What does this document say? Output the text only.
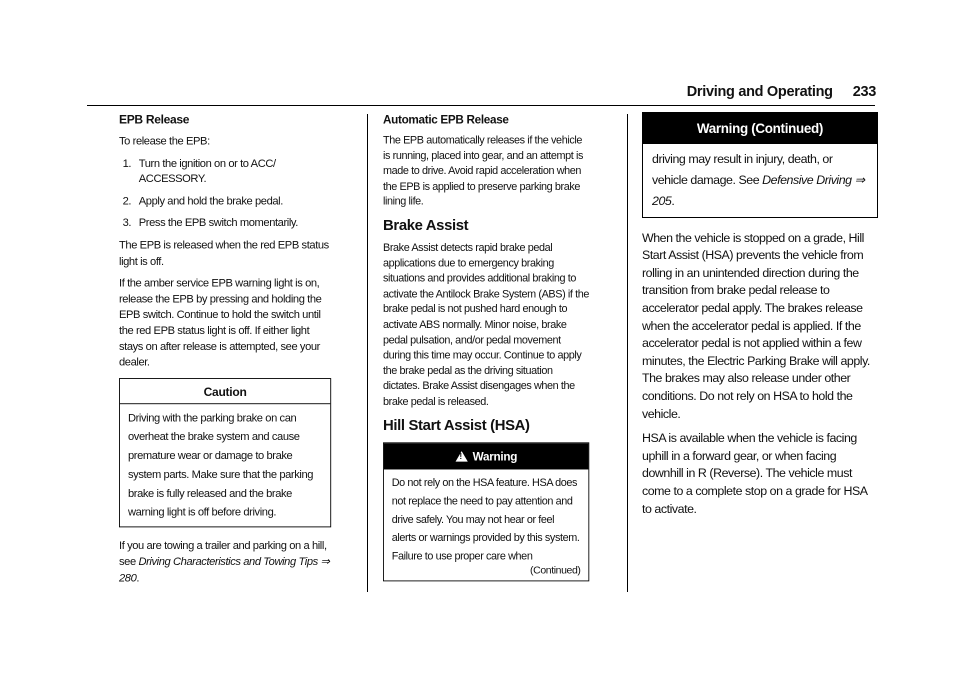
Driving and Operating 233
EPB Release

To release the EPB:

1. Turn the ignition on or to ACC/ ACCESSORY.
2. Apply and hold the brake pedal.
3. Press the EPB switch momentarily.

The EPB is released when the red EPB status light is off.

If the amber service EPB warning light is on, release the EPB by pressing and holding the EPB switch. Continue to hold the switch until the red EPB status light is off. If either light stays on after release is attempted, see your dealer.

Caution

Driving with the parking brake on can overheat the brake system and cause premature wear or damage to brake system parts. Make sure that the parking brake is fully released and the brake warning light is off before driving.

If you are towing a trailer and parking on a hill, see Driving Characteristics and Towing Tips ⇒ 280.

Automatic EPB Release

The EPB automatically releases if the vehicle is running, placed into gear, and an attempt is made to drive. Avoid rapid acceleration when the EPB is applied to preserve parking brake lining life.

Brake Assist

Brake Assist detects rapid brake pedal applications due to emergency braking situations and provides additional braking to activate the Antilock Brake System (ABS) if the brake pedal is not pushed hard enough to activate ABS normally. Minor noise, brake pedal pulsation, and/or pedal movement during this time may occur. Continue to apply the brake pedal as the driving situation dictates. Brake Assist disengages when the brake pedal is released.

Hill Start Assist (HSA)
!Warning

Do not rely on the HSA feature. HSA does not replace the need to pay attention and drive safely. You may not hear or feel alerts or warnings provided by this system. Failure to use proper care when

(Continued)
Warning (Continued)

driving may result in injury, death, or vehicle damage. See Defensive Driving ⇒ 205.

When the vehicle is stopped on a grade, Hill Start Assist (HSA) prevents the vehicle from rolling in an unintended direction during the transition from brake pedal release to accelerator pedal apply. The brakes release when the accelerator pedal is applied. If the accelerator pedal is not applied within a few minutes, the Electric Parking Brake will apply. The brakes may also release under other conditions. Do not rely on HSA to hold the vehicle.

HSA is available when the vehicle is facing uphill in a forward gear, or when facing downhill in R (Reverse). The vehicle must come to a complete stop on a grade for HSA to activate.
